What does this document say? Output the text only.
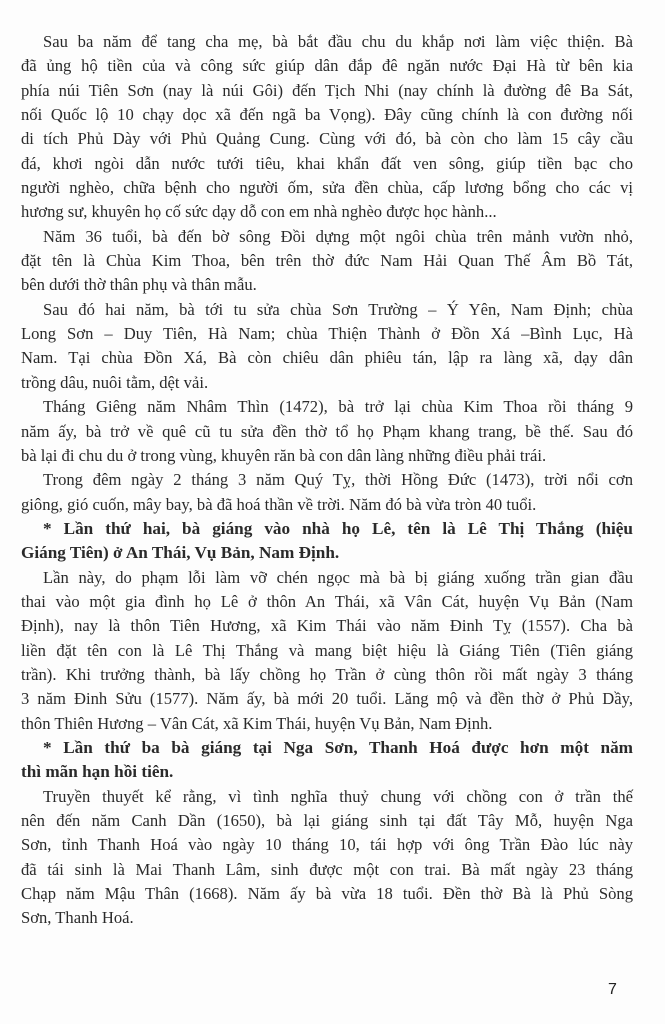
Sau ba năm để tang cha mẹ, bà bắt đầu chu du khắp nơi làm việc thiện. Bà
đã ủng hộ tiền của và công sức giúp dân đắp đê ngăn nước Đại Hà từ bên kia
phía núi Tiên Sơn (nay là núi Gôi) đến Tịch Nhi (nay chính là đường đê Ba Sát,
nối Quốc lộ 10 chạy dọc xã đến ngã ba Vọng). Đây cũng chính là con đường nối
di tích Phủ Dày với Phủ Quảng Cung. Cùng với đó, bà còn cho làm 15 cây cầu
đá, khơi ngòi dẫn nước tưới tiêu, khai khẩn đất ven sông, giúp tiền bạc cho
người nghèo, chữa bệnh cho người ốm, sửa đền chùa, cấp lương bổng cho các vị
hương sư, khuyên họ cố sức dạy dỗ con em nhà nghèo được học hành...
Năm 36 tuổi, bà đến bờ sông Đồi dựng một ngôi chùa trên mảnh vườn nhỏ,
đặt tên là Chùa Kim Thoa, bên trên thờ đức Nam Hải Quan Thế Âm Bồ Tát,
bên dưới thờ thân phụ và thân mẫu.
Sau đó hai năm, bà tới tu sửa chùa Sơn Trường – Ý Yên, Nam Định; chùa
Long Sơn – Duy Tiên, Hà Nam; chùa Thiện Thành ở Đồn Xá –Bình Lục, Hà
Nam. Tại chùa Đồn Xá, Bà còn chiêu dân phiêu tán, lập ra làng xã, dạy dân
trồng dâu, nuôi tằm, dệt vải.
Tháng Giêng năm Nhâm Thìn (1472), bà trở lại chùa Kim Thoa rồi tháng 9
năm ấy, bà trở về quê cũ tu sửa đền thờ tổ họ Phạm khang trang, bề thế. Sau đó
bà lại đi chu du ở trong vùng, khuyên răn bà con dân làng những điều phải trái.
Trong đêm ngày 2 tháng 3 năm Quý Tỵ, thời Hồng Đức (1473), trời nổi cơn
giông, gió cuốn, mây bay, bà đã hoá thần về trời. Năm đó bà vừa tròn 40 tuổi.
* Lần thứ hai, bà giáng vào nhà họ Lê, tên là Lê Thị Thắng (hiệu
Giáng Tiên) ở An Thái, Vụ Bản, Nam Định.
Lần này, do phạm lỗi làm vỡ chén ngọc mà bà bị giáng xuống trần gian đầu
thai vào một gia đình họ Lê ở thôn An Thái, xã Vân Cát, huyện Vụ Bản (Nam
Định), nay là thôn Tiên Hương, xã Kim Thái vào năm Đinh Tỵ (1557). Cha bà
liền đặt tên con là Lê Thị Thắng và mang biệt hiệu là Giáng Tiên (Tiên giáng
trần). Khi trưởng thành, bà lấy chồng họ Trần ở cùng thôn rồi mất ngày 3 tháng
3 năm Đinh Sửu (1577). Năm ấy, bà mới 20 tuổi. Lăng mộ và đền thờ ở Phủ Dầy,
thôn Thiên Hương – Vân Cát, xã Kim Thái, huyện Vụ Bản, Nam Định.
* Lần thứ ba bà giáng tại Nga Sơn, Thanh Hoá được hơn một năm
thì mãn hạn hồi tiên.
Truyền thuyết kể rằng, vì tình nghĩa thuỷ chung với chồng con ở trần thế
nên đến năm Canh Dần (1650), bà lại giáng sinh tại đất Tây Mỗ, huyện Nga
Sơn, tỉnh Thanh Hoá vào ngày 10 tháng 10, tái hợp với ông Trần Đào lúc này
đã tái sinh là Mai Thanh Lâm, sinh được một con trai. Bà mất ngày 23 tháng
Chạp năm Mậu Thân (1668). Năm ấy bà vừa 18 tuổi. Đền thờ Bà là Phủ Sòng
Sơn, Thanh Hoá.
7
